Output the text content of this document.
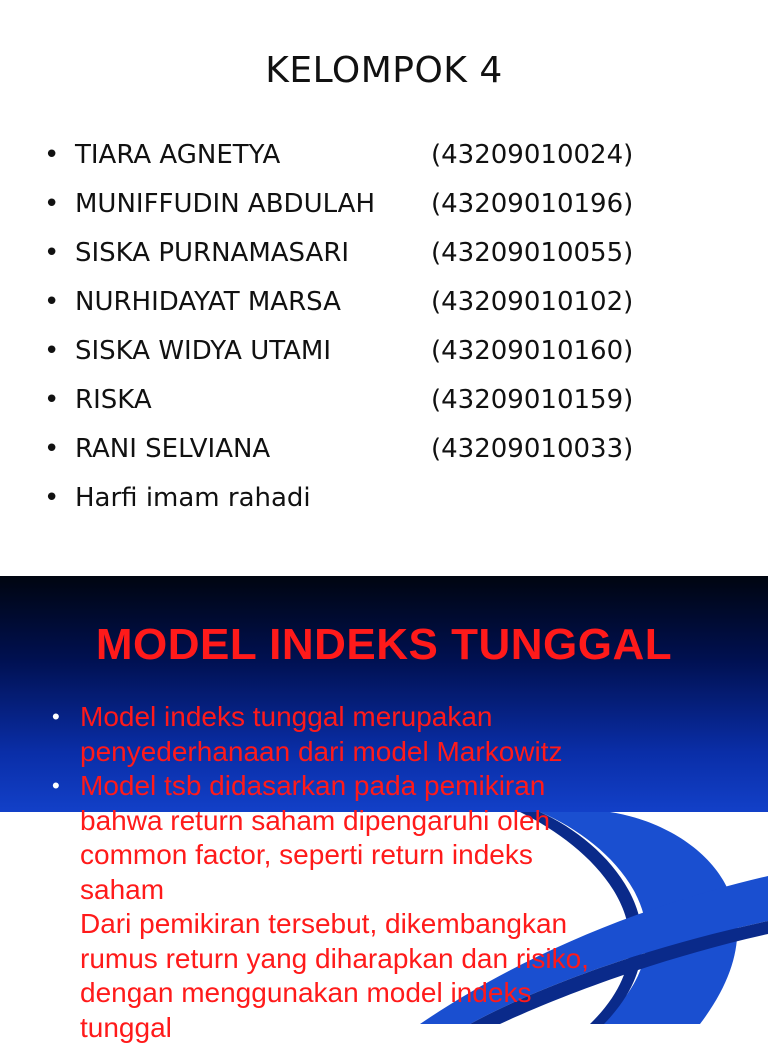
KELOMPOK 4
• TIARA AGNETYA	(43209010024)
• MUNIFFUDIN ABDULAH (43209010196)
• SISKA PURNAMASARI	(43209010055)
• NURHIDAYAT MARSA	(43209010102)
• SISKA WIDYA UTAMI	(43209010160)
• RISKA	(43209010159)
• RANI SELVIANA	(43209010033)
• Harfi imam rahadi
MODEL INDEKS TUNGGAL
• Model indeks tunggal merupakan
penyederhanaan dari model Markowitz
• Model tsb didasarkan pada pemikiran
bahwa return saham dipengaruhi oleh
common factor, seperti return indeks
saham
Dari pemikiran tersebut, dikembangkan
rumus return yang diharapkan dan risiko,
dengan menggunakan model indeks
tunggal
